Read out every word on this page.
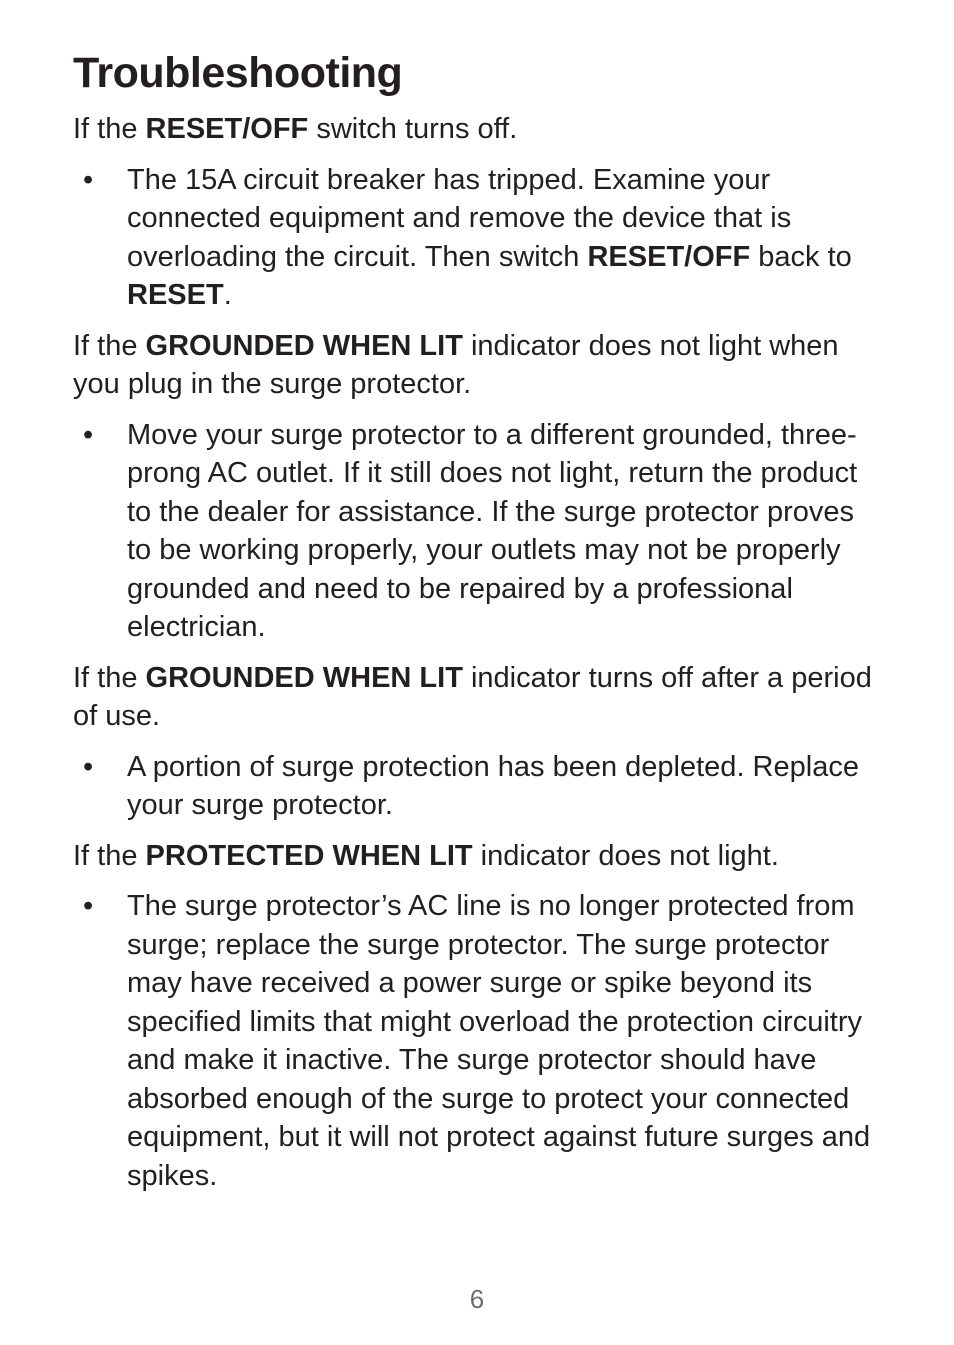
Troubleshooting

If the RESET/OFF switch turns off.

• The 15A circuit breaker has tripped. Examine your connected equipment and remove the device that is overloading the circuit. Then switch RESET/OFF back to RESET.

If the GROUNDED WHEN LIT indicator does not light when you plug in the surge protector.

• Move your surge protector to a different grounded, three-prong AC outlet. If it still does not light, return the product to the dealer for assistance. If the surge protector proves to be working properly, your outlets may not be properly grounded and need to be repaired by a professional electrician.

If the GROUNDED WHEN LIT indicator turns off after a period of use.

• A portion of surge protection has been depleted. Replace your surge protector.

If the PROTECTED WHEN LIT indicator does not light.

• The surge protector’s AC line is no longer protected from surge; replace the surge protector. The surge protector may have received a power surge or spike beyond its specified limits that might overload the protection circuitry and make it inactive. The surge protector should have absorbed enough of the surge to protect your connected equipment, but it will not protect against future surges and spikes.
6
